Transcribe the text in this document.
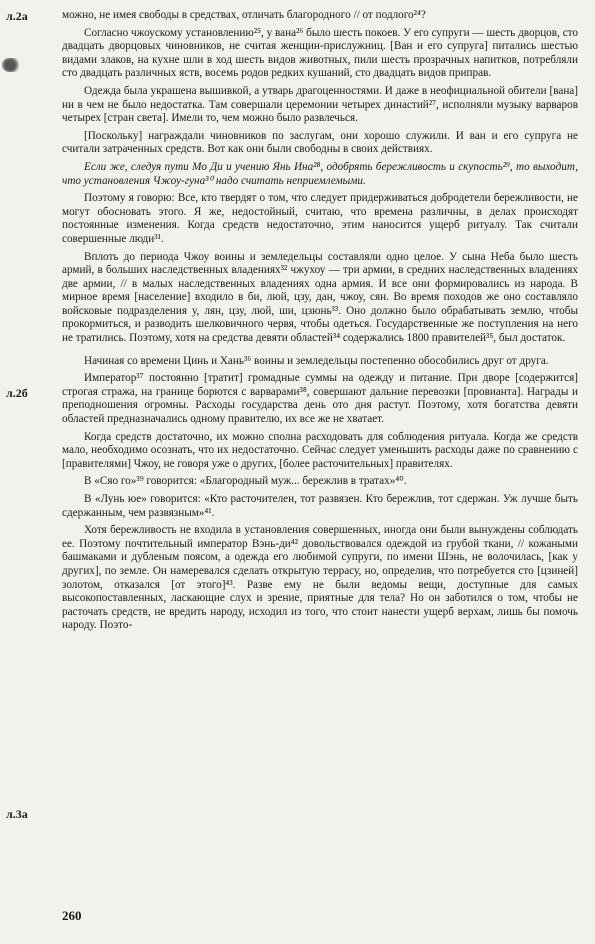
л.2а
л.2б
л.3а

можно, не имея свободы в средствах, отличать благородного // от подлого²⁴?

Согласно чжоускому установлению²⁵, у вана²⁶ было шесть покоев. У его супруги — шесть дворцов, сто двадцать дворцовых чиновников, не считая женщин-прислужниц. [Ван и его супруга] питались шестью видами злаков, на кухне шли в ход шесть видов животных, пили шесть прозрачных напитков, потребляли сто двадцать различных яств, восемь родов редких кушаний, сто двадцать видов приправ.

Одежда была украшена вышивкой, а утварь драгоценностями. И даже в неофициальной обители [вана] ни в чем не было недостатка. Там совершали церемонии четырех династий²⁷, исполняли музыку варваров четырех [стран света]. Имели то, чем можно было развлечься.

[Поскольку] награждали чиновников по заслугам, они хорошо служили. И ван и его супруга не считали затраченных средств. Вот как они были свободны в своих действиях.

Если же, следуя пути Мо Ди и учению Янь Ина²⁸, одобрять бережливость и скупость²⁹, то выходит, что установления Чжоу-гуна³⁰ надо считать неприемлемыми.

Поэтому я говорю: Все, кто твердят о том, что следует придерживаться добродетели бережливости, не могут обосновать этого. Я же, недостойный, считаю, что времена различны, в делах происходят постоянные изменения. Когда средств недостаточно, этим наносится ущерб ритуалу. Так считали совершенные люди³¹.

Вплоть до периода Чжоу воины и земледельцы составляли одно целое. У сына Неба было шесть армий, в больших наследственных владениях³² чжухоу — три армии, в средних наследственных владениях две армии, // в малых наследственных владениях одна армия. И все они формировались из народа. В мирное время [население] входило в би, люй, цзу, дан, чжоу, сян. Во время походов же оно составляло войсковые подразделения у, лян, цзу, люй, ши, цзюнь³³. Оно должно было обрабатывать землю, чтобы прокормиться, и разводить шелковичного червя, чтобы одеться. Государственные же поступления на него не тратились. Поэтому, хотя на средства девяти областей³⁴ содержались 1800 правителей³⁵, был достаток.

Начиная со времени Цинь и Хань³⁶ воины и земледельцы постепенно обособились друг от друга.

Император³⁷ постоянно [тратит] громадные суммы на одежду и питание. При дворе [содержится] строгая стража, на границе борются с варварами³⁸, совершают дальние перевозки [провианта]. Награды и преподношения огромны. Расходы государства день ото дня растут. Поэтому, хотя богатства девяти областей предназначались одному правителю, их все же не хватает.

Когда средств достаточно, их можно сполна расходовать для соблюдения ритуала. Когда же средств мало, необходимо осознать, что их недостаточно. Сейчас следует уменьшить расходы даже по сравнению с [правителями] Чжоу, не говоря уже о других, [более расточительных] правителях.

В «Сяо го»³⁹ говорится: «Благородный муж... бережлив в тратах»⁴⁰.

В «Лунь юе» говорится: «Кто расточителен, тот развязен. Кто бережлив, тот сдержан. Уж лучше быть сдержанным, чем развязным»⁴¹.

Хотя бережливость не входила в установления совершенных, иногда они были вынуждены соблюдать ее. Поэтому почтительный император Вэнь-ди⁴² довольствовался одеждой из грубой ткани, // кожаными башмаками и дубленым поясом, а одежда его любимой супруги, по имени Шэнь, не волочилась, [как у других], по земле. Он намеревался сделать открытую террасу, но, определив, что потребуется сто [цзиней] золотом, отказался [от этого]⁴³. Разве ему не были ведомы вещи, доступные для самых высокопоставленных, ласкающие слух и зрение, приятные для тела? Но он заботился о том, чтобы не расточать средств, не вредить народу, исходил из того, что стоит нанести ущерб верхам, лишь бы помочь народу. Поэто-

260
